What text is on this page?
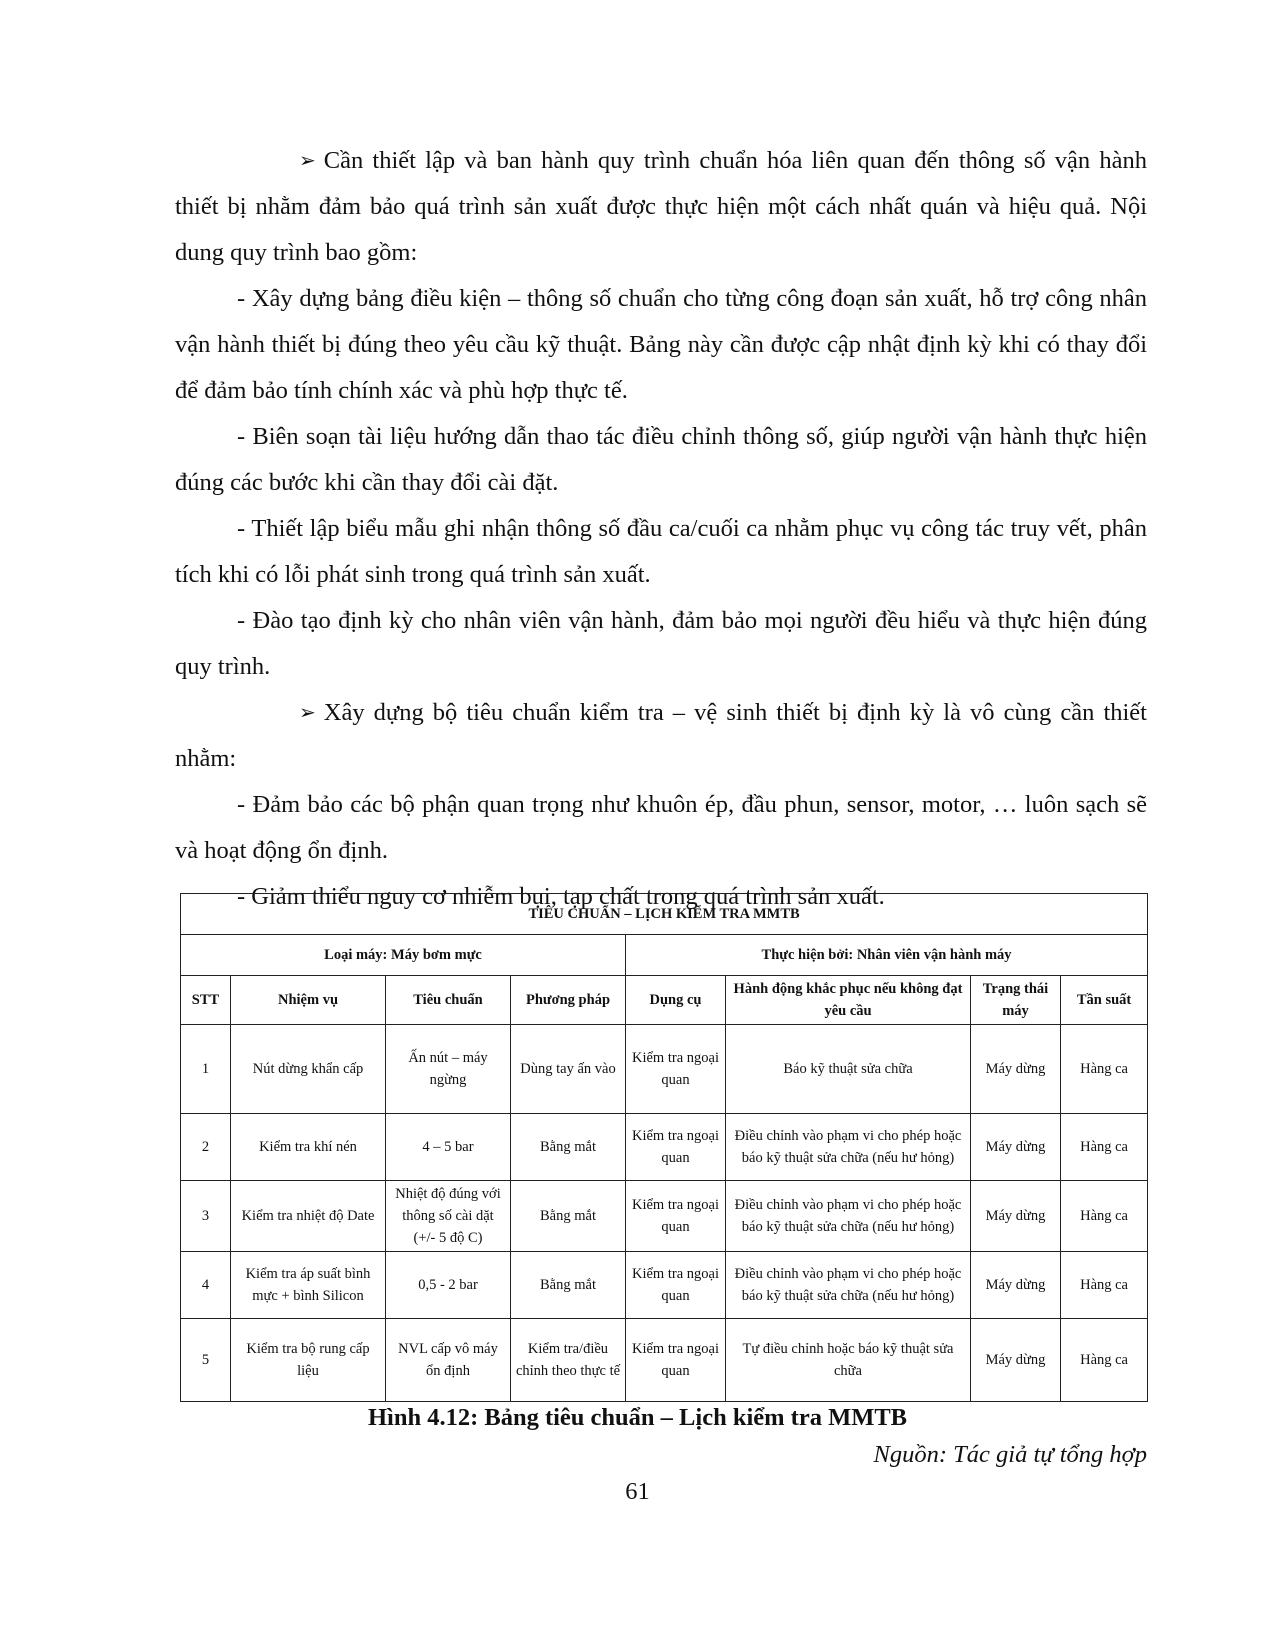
➢ Cần thiết lập và ban hành quy trình chuẩn hóa liên quan đến thông số vận hành thiết bị nhằm đảm bảo quá trình sản xuất được thực hiện một cách nhất quán và hiệu quả. Nội dung quy trình bao gồm:

- Xây dựng bảng điều kiện – thông số chuẩn cho từng công đoạn sản xuất, hỗ trợ công nhân vận hành thiết bị đúng theo yêu cầu kỹ thuật. Bảng này cần được cập nhật định kỳ khi có thay đổi để đảm bảo tính chính xác và phù hợp thực tế.

- Biên soạn tài liệu hướng dẫn thao tác điều chỉnh thông số, giúp người vận hành thực hiện đúng các bước khi cần thay đổi cài đặt.

- Thiết lập biểu mẫu ghi nhận thông số đầu ca/cuối ca nhằm phục vụ công tác truy vết, phân tích khi có lỗi phát sinh trong quá trình sản xuất.

- Đào tạo định kỳ cho nhân viên vận hành, đảm bảo mọi người đều hiểu và thực hiện đúng quy trình.

➢ Xây dựng bộ tiêu chuẩn kiểm tra – vệ sinh thiết bị định kỳ là vô cùng cần thiết nhằm:

- Đảm bảo các bộ phận quan trọng như khuôn ép, đầu phun, sensor, motor, … luôn sạch sẽ và hoạt động ổn định.

- Giảm thiểu nguy cơ nhiễm bụi, tạp chất trong quá trình sản xuất.

TIÊU CHUẨN – LỊCH KIỂM TRA MMTB							
Loại máy: Máy bơm mực				Thực hiện bởi: Nhân viên vận hành máy			
STT	Nhiệm vụ	Tiêu chuẩn	Phương pháp	Dụng cụ	Hành động khắc phục nếu không đạt yêu cầu	Trạng thái máy	Tần suất
1	Nút dừng khẩn cấp	Ấn nút – máy ngừng	Dùng tay ấn vào	Kiểm tra ngoại quan	Báo kỹ thuật sửa chữa	Máy dừng	Hàng ca
2	Kiểm tra khí nén	4 – 5 bar	Bằng mắt	Kiểm tra ngoại quan	Điều chỉnh vào phạm vi cho phép hoặc báo kỹ thuật sửa chữa (nếu hư hỏng)	Máy dừng	Hàng ca
3	Kiểm tra nhiệt độ Date	Nhiệt độ đúng với thông số cài dặt (+/- 5 độ C)	Bằng mắt	Kiểm tra ngoại quan	Điều chỉnh vào phạm vi cho phép hoặc báo kỹ thuật sửa chữa (nếu hư hỏng)	Máy dừng	Hàng ca
4	Kiểm tra áp suất bình mực + bình Silicon	0,5 - 2 bar	Bằng mắt	Kiểm tra ngoại quan	Điều chỉnh vào phạm vi cho phép hoặc báo kỹ thuật sửa chữa (nếu hư hỏng)	Máy dừng	Hàng ca
5	Kiểm tra bộ rung cấp liệu	NVL cấp vô máy ổn định	Kiểm tra/điều chỉnh theo thực tế	Kiểm tra ngoại quan	Tự điều chỉnh hoặc báo kỹ thuật sửa chữa	Máy dừng	Hàng ca
Hình 4.12: Bảng tiêu chuẩn – Lịch kiểm tra MMTB
Nguồn: Tác giả tự tổng hợp
61
